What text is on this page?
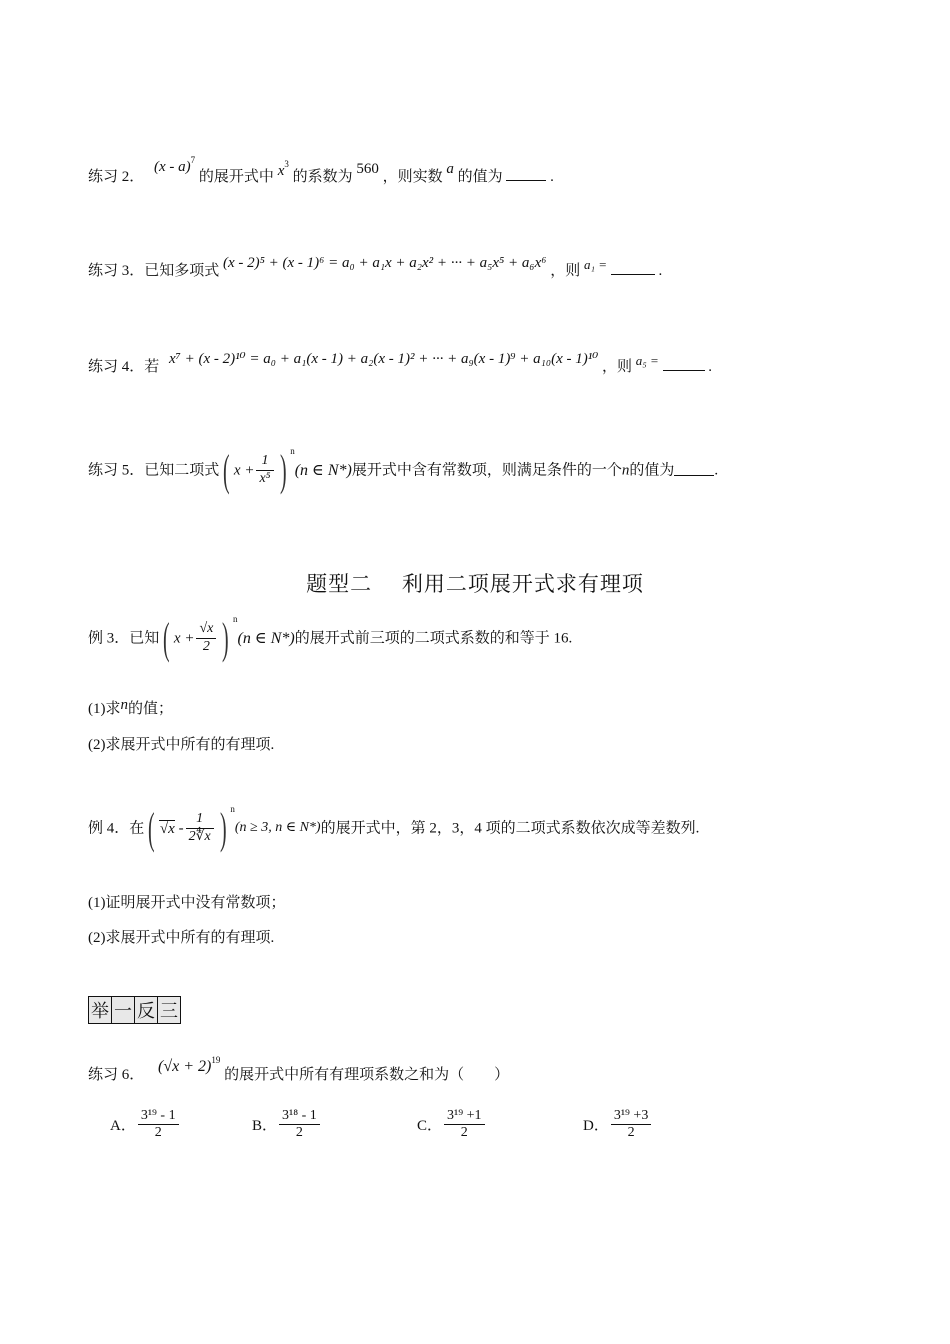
练习 2． (x - a)$^7$ 的展开式中 $x^3$ 的系数为 560 ，则实数 a 的值为	.
练习 3．已知多项式 (x - 2)⁵ + (x - 1)⁶ = a₀ + a₁x + a₂x² + ··· + a₅x⁵ + a₆x⁶ ，则 a₁ =	.
练习 4．若 x⁷ + (x - 2)¹⁰ = a₀ + a₁(x - 1) + a₂(x - 1)² + ··· + a₉(x - 1)⁹ + a₁₀(x - 1)¹⁰ ，则 a₅ =	.
练习 5．已知二项式( $x + \frac{1}{\text{x⁵}}$ ) $^n$(n ∈ N*)展开式中含有常数项，则满足条件的一个n的值为	.
题型二　 利用二项展开式求有理项
例 3．已知( $x + \frac{√x}{2}$ ) $^n$(n ∈ N*)的展开式前三项的二项式系数的和等于 16.
(1)求n的值；
(2)求展开式中所有的有理项.
例 4．在( $√x - \frac{1}{2∜x}$ ) $^n$(n ≥ 3, n ∈ N*)的展开式中，第 2，3，4 项的二项式系数依次成等差数列.
(1)证明展开式中没有常数项；
(2)求展开式中所有的有理项.
举 一 反 三
练习 6． $(√x + 2)^{19}$ 的展开式中所有有理项系数之和为（　　）
A． $\frac{\text{3¹⁹ - 1}}{2}$	B． $\frac{\text{3¹⁸ - 1}}{2}$	C． $\frac{\text{3¹⁹ +1}}{2}$	D． $\frac{\text{3¹⁹ +3}}{2}$
